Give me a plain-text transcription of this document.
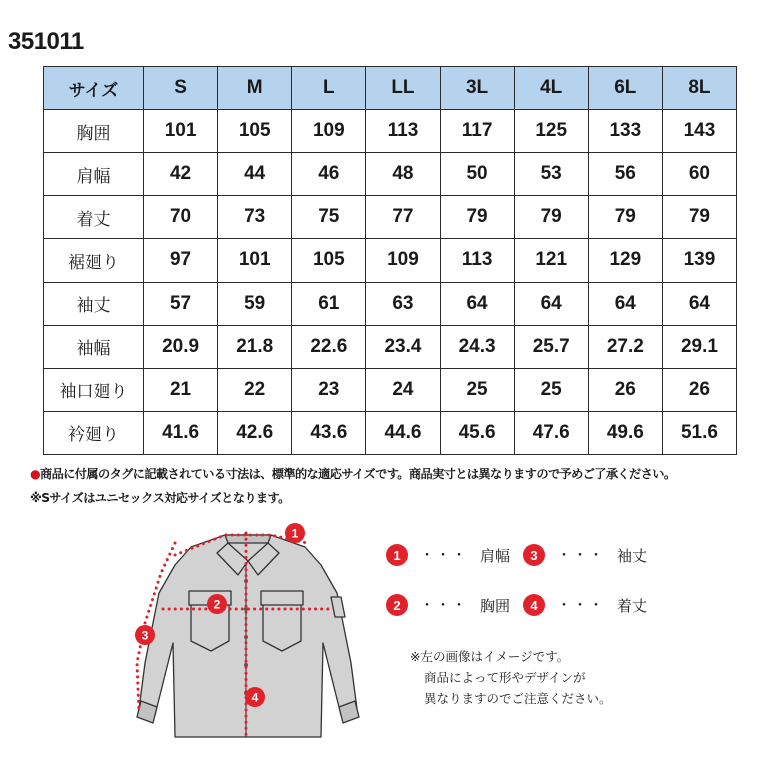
351011
サイズ	S	M	L	LL	3L	4L	6L	8L
胸囲	101	105	109	113	117	125	133	143
肩幅	42	44	46	48	50	53	56	60
着丈	70	73	75	77	79	79	79	79
裾廻り	97	101	105	109	113	121	129	139
袖丈	57	59	61	63	64	64	64	64
袖幅	20.9	21.8	22.6	23.4	24.3	25.7	27.2	29.1
袖口廻り	21	22	23	24	25	25	26	26
衿廻り	41.6	42.6	43.6	44.6	45.6	47.6	49.6	51.6
●商品に付属のタグに記載されている寸法は、標準的な適応サイズです。商品実寸とは異なりますので予めご了承ください。
※Sサイズはユニセックス対応サイズとなります。
1
2
3
4
1	・・・ 肩幅
2	・・・ 胸囲
3	・・・ 袖丈
4	・・・ 着丈
※左の画像はイメージです。
商品によって形やデザインが
異なりますのでご注意ください。
